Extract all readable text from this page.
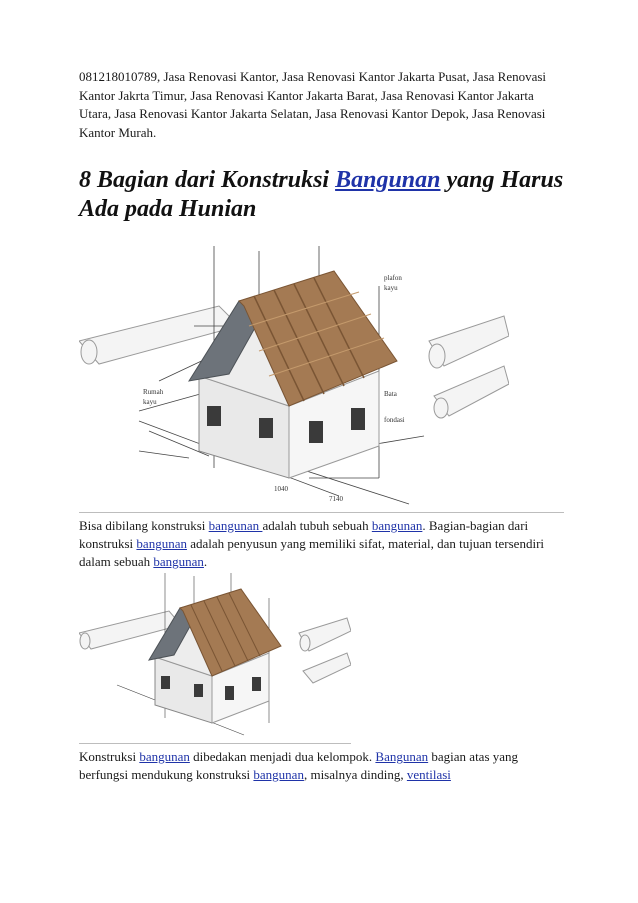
081218010789, Jasa Renovasi Kantor, Jasa Renovasi Kantor Jakarta Pusat, Jasa Renovasi Kantor Jakrta Timur, Jasa Renovasi Kantor Jakarta Barat, Jasa Renovasi Kantor Jakarta Utara, Jasa Renovasi Kantor Jakarta Selatan, Jasa Renovasi Kantor Depok, Jasa Renovasi Kantor Murah.

8 Bagian dari Konstruksi Bangunan yang Harus Ada pada Hunian
Rumah
kayu
plafon
kayu
Bata
fondasi
1040
7140

Bisa dibilang konstruksi bangunan adalah tubuh sebuah bangunan. Bagian-bagian dari konstruksi bangunan adalah penyusun yang memiliki sifat, material, dan tujuan tersendiri dalam sebuah bangunan.

Konstruksi bangunan dibedakan menjadi dua kelompok. Bangunan bagian atas yang berfungsi mendukung konstruksi bangunan, misalnya dinding, ventilasi
